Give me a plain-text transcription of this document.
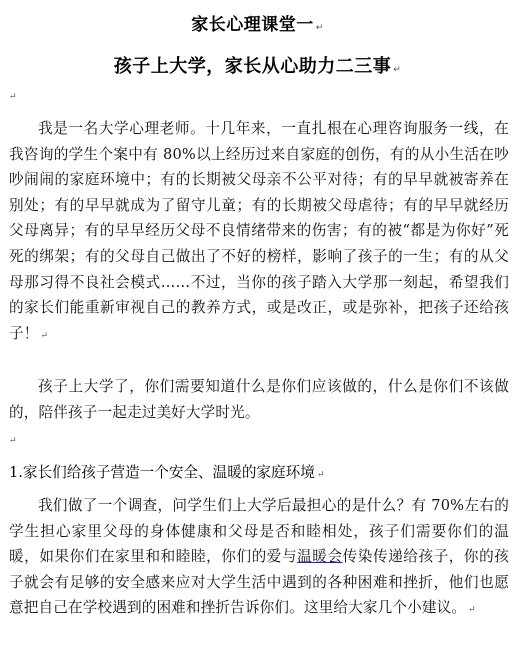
家长心理课堂一 ↵
孩子上大学，家长从心助力二三事 ↵
↵
我是一名大学心理老师。十几年来，一直扎根在心理咨询服务一线，在我咨询的学生个案中有 80%以上经历过来自家庭的创伤，有的从小生活在吵吵闹闹的家庭环境中；有的长期被父母亲不公平对待；有的早早就被寄养在别处；有的早早就成为了留守儿童；有的长期被父母虐待；有的早早就经历父母离异；有的早早经历父母不良情绪带来的伤害；有的被“都是为你好”死死的绑架；有的父母自己做出了不好的榜样，影响了孩子的一生；有的从父母那习得不良社会模式……不过，当你的孩子踏入大学那一刻起，希望我们的家长们能重新审视自己的教养方式，或是改正，或是弥补，把孩子还给孩子！ ↵
孩子上大学了，你们需要知道什么是你们应该做的，什么是你们不该做的，陪伴孩子一起走过美好大学时光。
↵
1.家长们给孩子营造一个安全、温暖的家庭环境 ↵
我们做了一个调查，问学生们上大学后最担心的是什么？有 70%左右的学生担心家里父母的身体健康和父母是否和睦相处，孩子们需要你们的温暖，如果你们在家里和和睦睦，你们的爱与温暖会传染传递给孩子，你的孩子就会有足够的安全感来应对大学生活中遇到的各种困难和挫折，他们也愿意把自己在学校遇到的困难和挫折告诉你们。这里给大家几个小建议。 ↵
